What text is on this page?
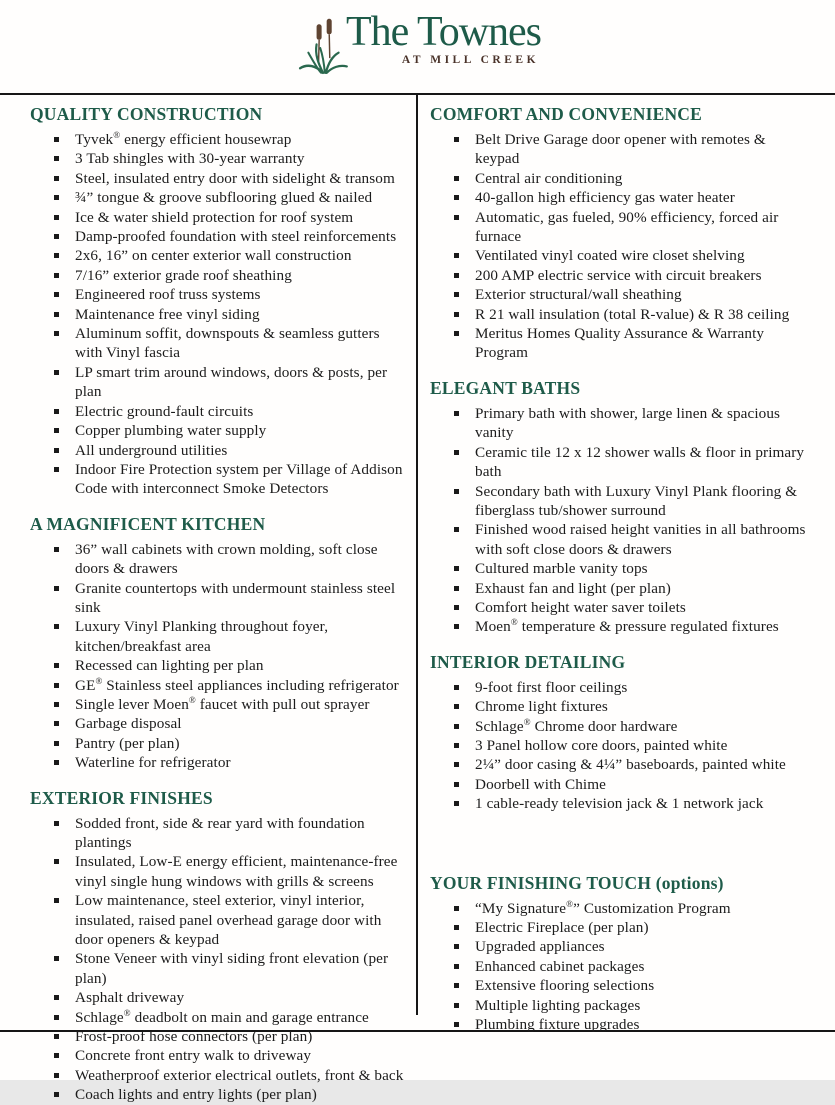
The Townes
AT MILL CREEK
QUALITY CONSTRUCTION
Tyvek® energy efficient housewrap
3 Tab shingles with 30-year warranty
Steel, insulated entry door with sidelight & transom
¾” tongue & groove subflooring glued & nailed
Ice & water shield protection for roof system
Damp-proofed foundation with steel reinforcements
2x6, 16” on center exterior wall construction
7/16” exterior grade roof sheathing
Engineered roof truss systems
Maintenance free vinyl siding
Aluminum soffit, downspouts & seamless gutters with Vinyl fascia
LP smart trim around windows, doors & posts, per plan
Electric ground-fault circuits
Copper plumbing water supply
All underground utilities
Indoor Fire Protection system per Village of Addison Code with interconnect Smoke Detectors
A MAGNIFICENT KITCHEN
36” wall cabinets with crown molding, soft close doors & drawers
Granite countertops with undermount stainless steel sink
Luxury Vinyl Planking throughout foyer, kitchen/breakfast area
Recessed can lighting per plan
GE® Stainless steel appliances including refrigerator
Single lever Moen® faucet with pull out sprayer
Garbage disposal
Pantry (per plan)
Waterline for refrigerator
EXTERIOR FINISHES
Sodded front, side & rear yard with foundation plantings
Insulated, Low-E energy efficient, maintenance-free vinyl single hung windows with grills & screens
Low maintenance, steel exterior, vinyl interior, insulated, raised panel overhead garage door with door openers & keypad
Stone Veneer with vinyl siding front elevation (per plan)
Asphalt driveway
Schlage® deadbolt on main and garage entrance
Frost-proof hose connectors (per plan)
Concrete front entry walk to driveway
Weatherproof exterior electrical outlets, front & back
Coach lights and entry lights (per plan)
COMFORT AND CONVENIENCE
Belt Drive Garage door opener with remotes & keypad
Central air conditioning
40-gallon high efficiency gas water heater
Automatic, gas fueled, 90% efficiency, forced air furnace
Ventilated vinyl coated wire closet shelving
200 AMP electric service with circuit breakers
Exterior structural/wall sheathing
R 21 wall insulation (total R-value) & R 38 ceiling
Meritus Homes Quality Assurance & Warranty Program
ELEGANT BATHS
Primary bath with shower, large linen & spacious vanity
Ceramic tile 12 x 12 shower walls & floor in primary bath
Secondary bath with Luxury Vinyl Plank flooring & fiberglass tub/shower surround
Finished wood raised height vanities in all bathrooms with soft close doors & drawers
Cultured marble vanity tops
Exhaust fan and light (per plan)
Comfort height water saver toilets
Moen® temperature & pressure regulated fixtures
INTERIOR DETAILING
9-foot first floor ceilings
Chrome light fixtures
Schlage® Chrome door hardware
3 Panel hollow core doors, painted white
2¼” door casing & 4¼” baseboards, painted white
Doorbell with Chime
1 cable-ready television jack & 1 network jack
YOUR FINISHING TOUCH (options)
“My Signature®” Customization Program
Electric Fireplace (per plan)
Upgraded appliances
Enhanced cabinet packages
Extensive flooring selections
Multiple lighting packages
Plumbing fixture upgrades
